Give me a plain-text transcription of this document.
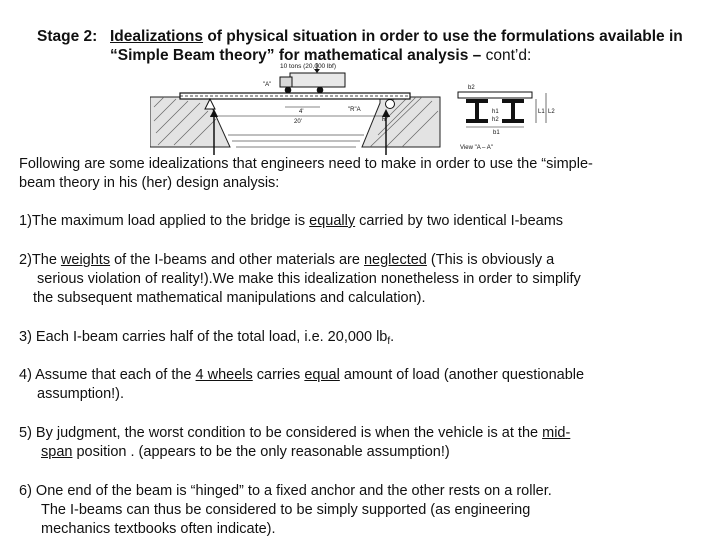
Stage 2: Idealizations of physical situation in order to use the formulations available in
“Simple Beam theory” for mathematical analysis – cont’d:
10 tons (20,000 lbf)
"A"
4'
20'
"R"A
R
h1	L1 L2
b1
b2
h2
View "A – A"
Following are some idealizations that engineers need to make in order to use the “simple-
beam theory in his (her) design analysis:
1)The maximum load applied to the bridge is equally carried by two identical I-beams
2)The weights of the I-beams and other materials are neglected (This is obviously a
serious violation of reality!).We make this idealization nonetheless in order to simplify
the subsequent mathematical manipulations and calculation).
3) Each I-beam carries half of the total load, i.e. 20,000 $lb_f$.
4) Assume that each of the 4 wheels carries equal amount of load (another questionable
assumption!).
5) By judgment, the worst condition to be considered is when the vehicle is at the mid-
span position . (appears to be the only reasonable assumption!)
6) One end of the beam is “hinged” to a fixed anchor and the other rests on a roller.
The I-beams can thus be considered to be simply supported (as engineering
mechanics textbooks often indicate).
